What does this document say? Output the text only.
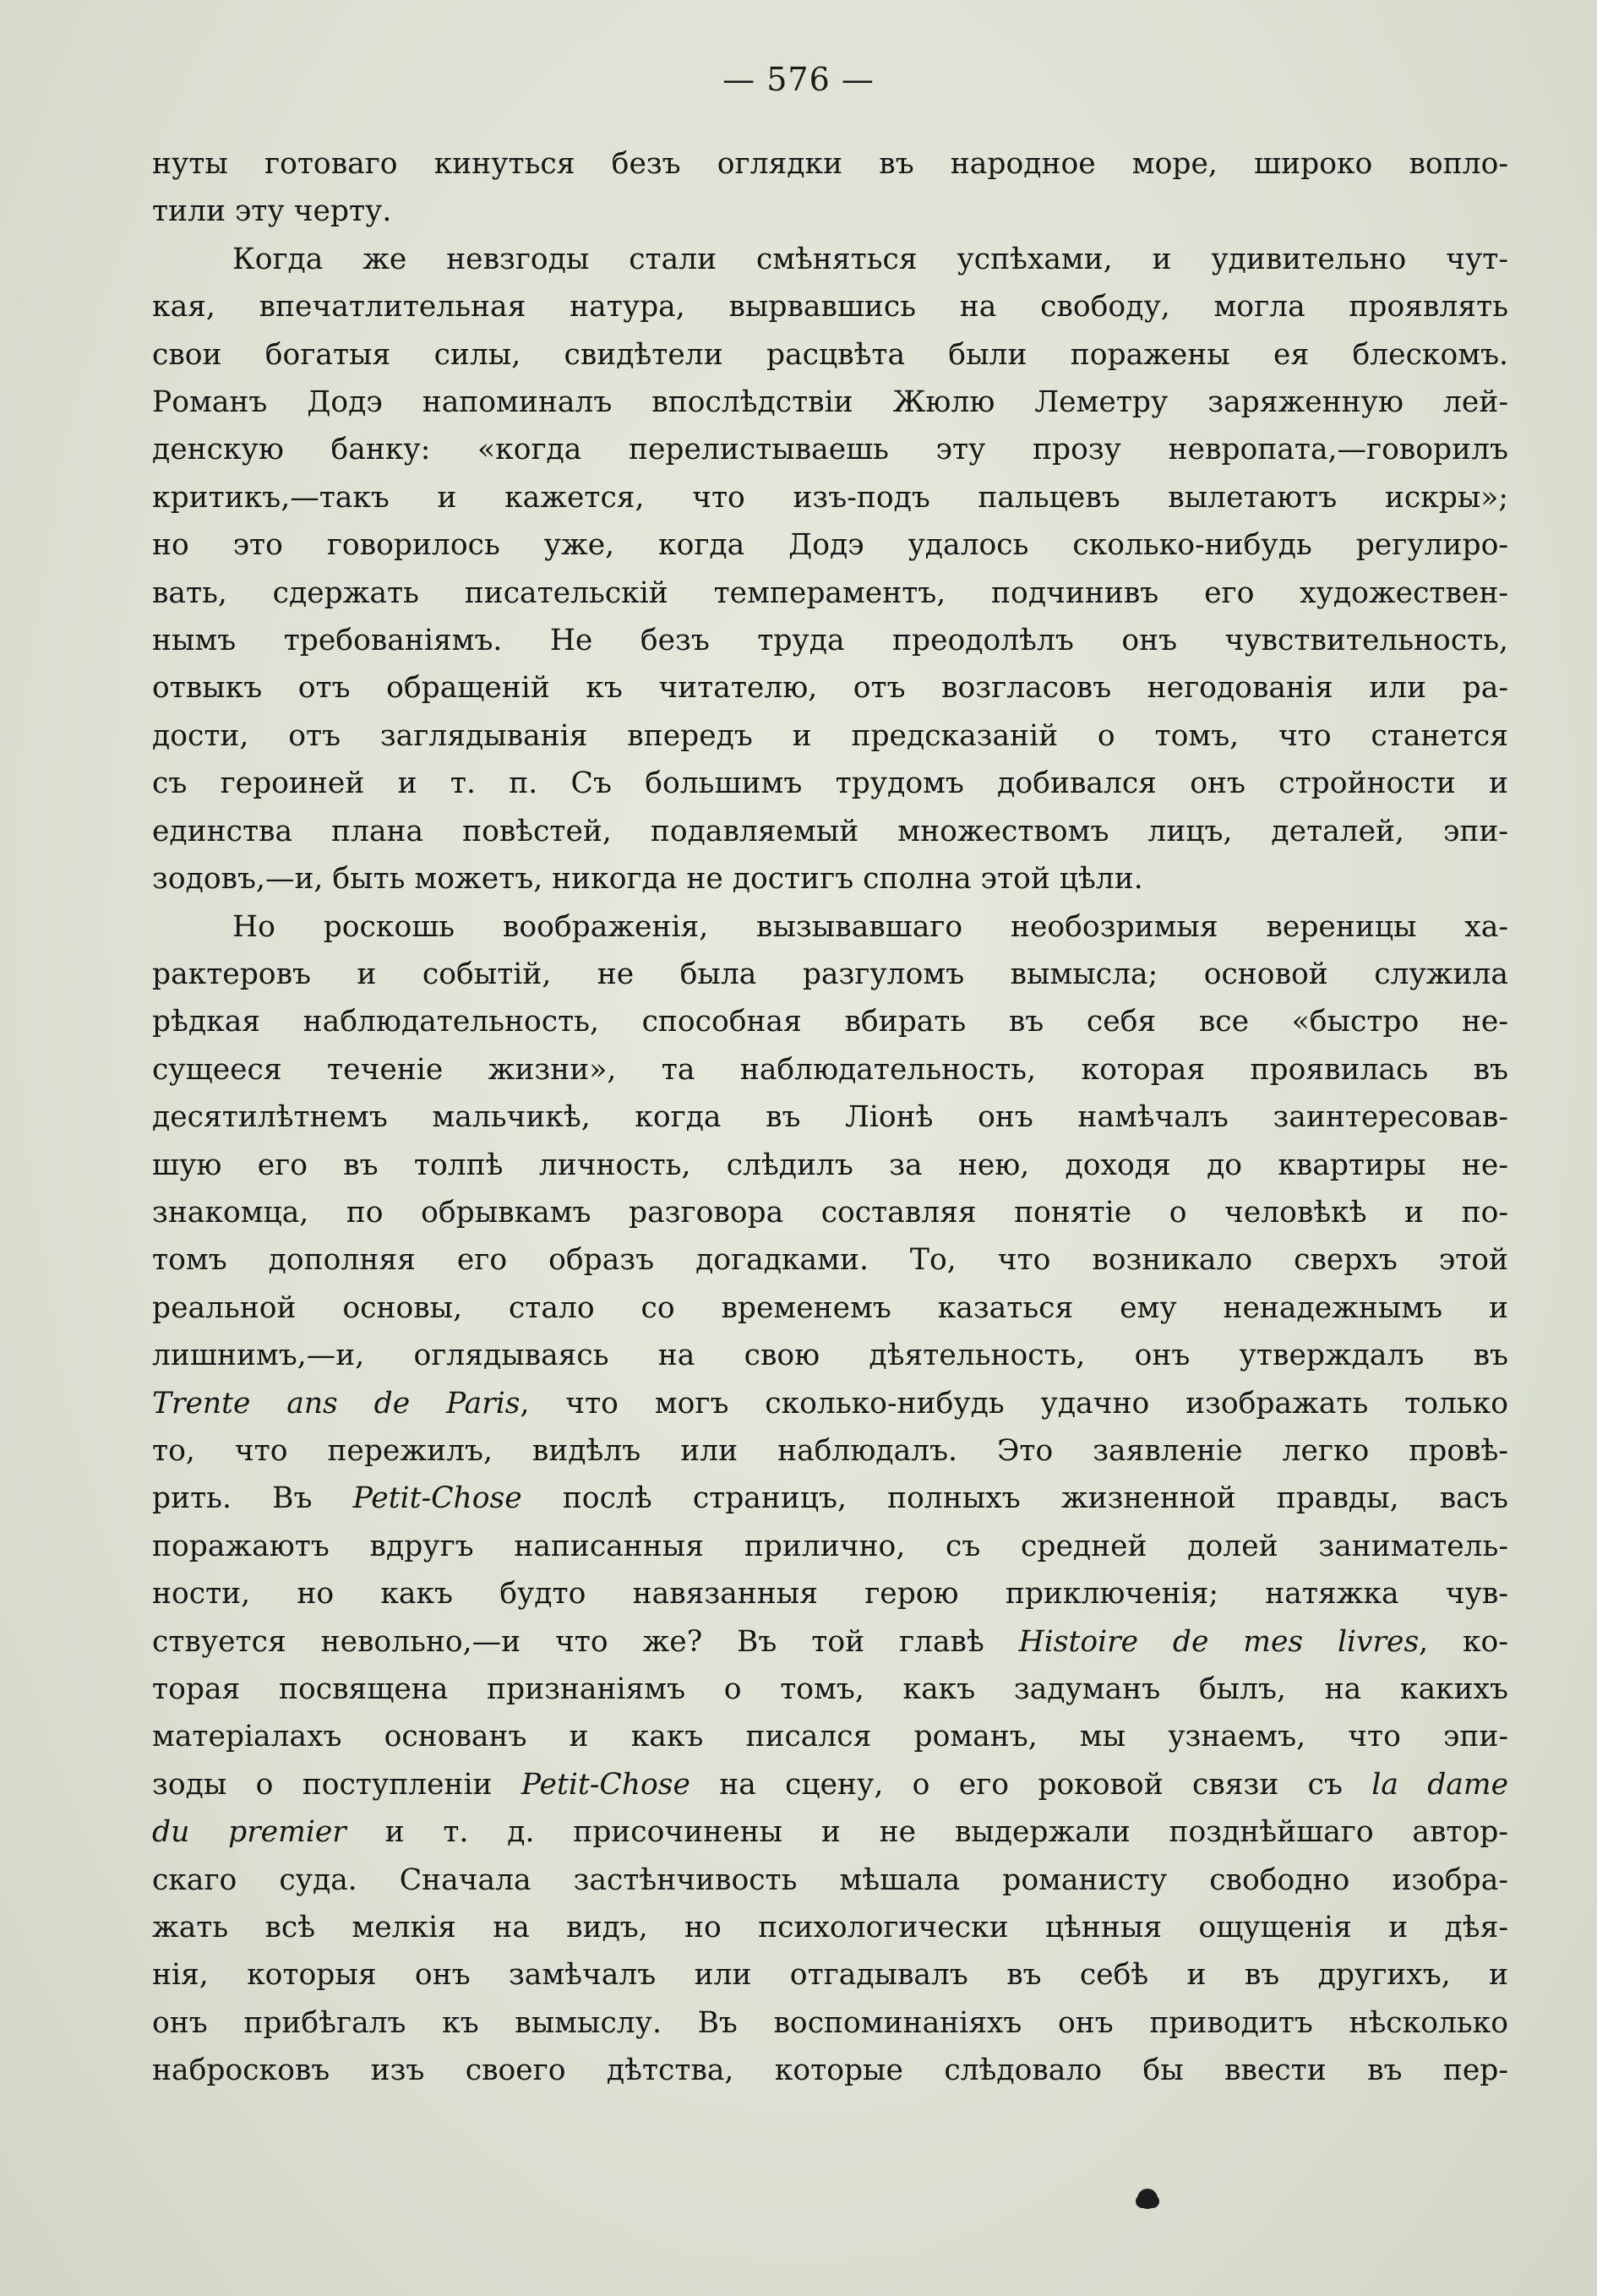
— 576 —
нуты готоваго кинуться безъ оглядки въ народное море, широко вопло-
тили эту черту.
Когда же невзгоды стали смѣняться успѣхами, и удивительно чут-
кая, впечатлительная натура, вырвавшись на свободу, могла проявлять
свои богатыя силы, свидѣтели расцвѣта были поражены ея блескомъ.
Романъ Додэ напоминалъ впослѣдствіи Жюлю Леметру заряженную лей-
денскую банку: «когда перелистываешь эту прозу невропата,—говорилъ
критикъ,—такъ и кажется, что изъ-подъ пальцевъ вылетаютъ искры»;
но это говорилось уже, когда Додэ удалось сколько-нибудь регулиро-
вать, сдержать писательскій темпераментъ, подчинивъ его художествен-
нымъ требованіямъ. Не безъ труда преодолѣлъ онъ чувствительность,
отвыкъ отъ обращеній къ читателю, отъ возгласовъ негодованія или ра-
дости, отъ заглядыванія впередъ и предсказаній о томъ, что станется
съ героиней и т. п. Съ большимъ трудомъ добивался онъ стройности и
единства плана повѣстей, подавляемый множествомъ лицъ, деталей, эпи-
зодовъ,—и, быть можетъ, никогда не достигъ сполна этой цѣли.
Но роскошь воображенія, вызывавшаго необозримыя вереницы ха-
рактеровъ и событій, не была разгуломъ вымысла; основой служила
рѣдкая наблюдательность, способная вбирать въ себя все «быстро не-
сущееся теченіе жизни», та наблюдательность, которая проявилась въ
десятилѣтнемъ мальчикѣ, когда въ Ліонѣ онъ намѣчалъ заинтересовав-
шую его въ толпѣ личность, слѣдилъ за нею, доходя до квартиры не-
знакомца, по обрывкамъ разговора составляя понятіе о человѣкѣ и по-
томъ дополняя его образъ догадками. То, что возникало сверхъ этой
реальной основы, стало со временемъ казаться ему ненадежнымъ и
лишнимъ,—и, оглядываясь на свою дѣятельность, онъ утверждалъ въ
Trente ans de Paris, что могъ сколько-нибудь удачно изображать только
то, что пережилъ, видѣлъ или наблюдалъ. Это заявленіе легко провѣ-
рить. Въ Petit-Chose послѣ страницъ, полныхъ жизненной правды, васъ
поражаютъ вдругъ написанныя прилично, съ средней долей заниматель-
ности, но какъ будто навязанныя герою приключенія; натяжка чув-
ствуется невольно,—и что же? Въ той главѣ Histoire de mes livres, ко-
торая посвящена признаніямъ о томъ, какъ задуманъ былъ, на какихъ
матеріалахъ основанъ и какъ писался романъ, мы узнаемъ, что эпи-
зоды о поступленіи Petit-Chose на сцену, о его роковой связи съ la dame
du premier и т. д. присочинены и не выдержали позднѣйшаго автор-
скаго суда. Сначала застѣнчивость мѣшала романисту свободно изобра-
жать всѣ мелкія на видъ, но психологически цѣнныя ощущенія и дѣя-
нія, которыя онъ замѣчалъ или отгадывалъ въ себѣ и въ другихъ, и
онъ прибѣгалъ къ вымыслу. Въ воспоминаніяхъ онъ приводитъ нѣсколько
набросковъ изъ своего дѣтства, которые слѣдовало бы ввести въ пер-
